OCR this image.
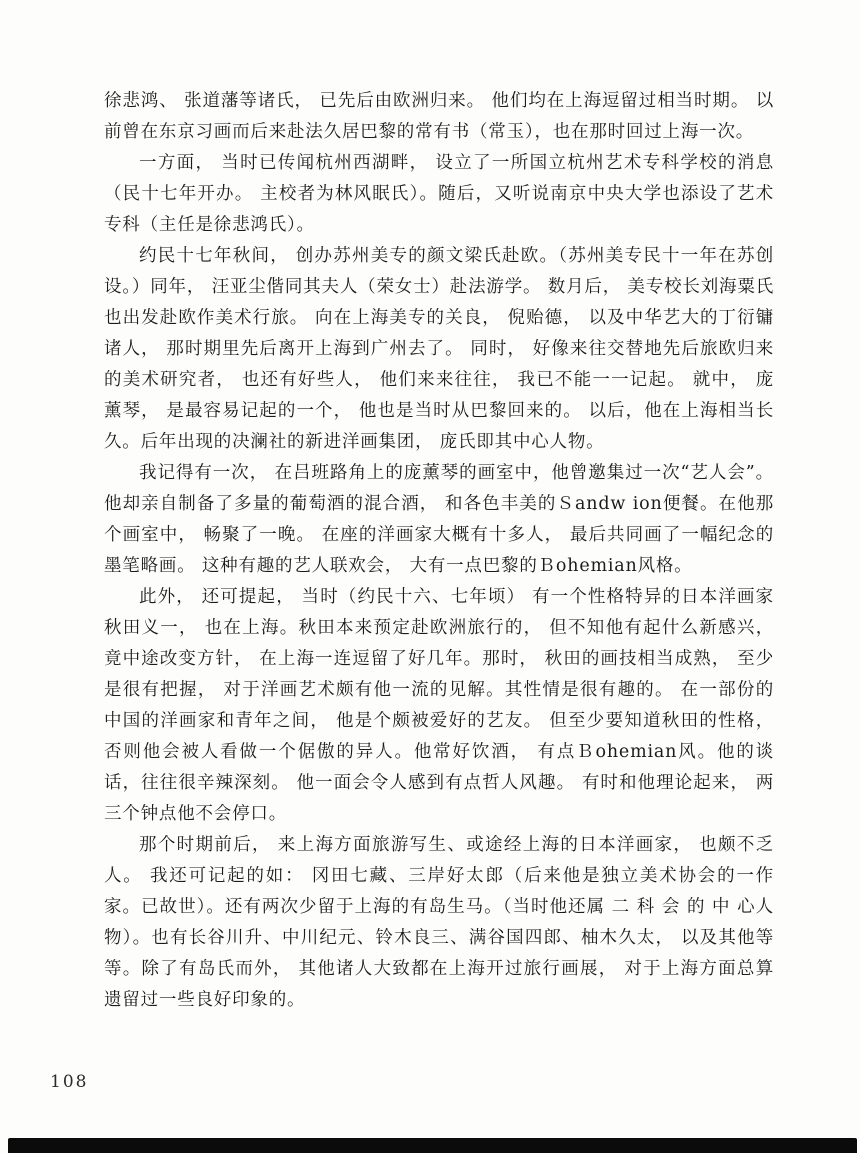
徐悲鸿、 张道藩等诸氏， 已先后由欧洲归来。 他们均在上海逗留过相当时期。 以前曾在东京习画而后来赴法久居巴黎的常有书（常玉），也在那时回过上海一次。

一方面， 当时已传闻杭州西湖畔， 设立了一所国立杭州艺术专科学校的消息（民十七年开办。 主校者为林风眠氏）。随后，又听说南京中央大学也添设了艺术专科（主任是徐悲鸿氏）。

约民十七年秋间， 创办苏州美专的颜文梁氏赴欧。（苏州美专民十一年在苏创设。）同年， 汪亚尘偕同其夫人（荣女士）赴法游学。 数月后， 美专校长刘海粟氏也出发赴欧作美术行旅。 向在上海美专的关良， 倪贻德， 以及中华艺大的丁衍镛诸人， 那时期里先后离开上海到广州去了。 同时， 好像来往交替地先后旅欧归来的美术研究者， 也还有好些人， 他们来来往往， 我已不能一一记起。 就中， 庞薰琴， 是最容易记起的一个， 他也是当时从巴黎回来的。 以后，他在上海相当长久。后年出现的决澜社的新进洋画集团， 庞氏即其中心人物。

我记得有一次， 在吕班路角上的庞薰琴的画室中，他曾邀集过一次“艺人会”。他却亲自制备了多量的葡萄酒的混合酒， 和各色丰美的Ｓandw ion便餐。在他那个画室中， 畅聚了一晚。 在座的洋画家大概有十多人， 最后共同画了一幅纪念的墨笔略画。 这种有趣的艺人联欢会， 大有一点巴黎的Ｂohemian风格。

此外， 还可提起， 当时（约民十六、七年顷） 有一个性格特异的日本洋画家秋田义一， 也在上海。秋田本来预定赴欧洲旅行的， 但不知他有起什么新感兴，竟中途改变方针， 在上海一连逗留了好几年。那时， 秋田的画技相当成熟， 至少是很有把握， 对于洋画艺术颇有他一流的见解。其性情是很有趣的。 在一部份的中国的洋画家和青年之间， 他是个颇被爱好的艺友。 但至少要知道秋田的性格，否则他会被人看做一个倨傲的异人。他常好饮酒， 有点Ｂohemian风。他的谈话，往往很辛辣深刻。 他一面会令人感到有点哲人风趣。 有时和他理论起来， 两三个钟点他不会停口。

那个时期前后， 来上海方面旅游写生、或途经上海的日本洋画家， 也颇不乏人。 我还可记起的如： 冈田七藏、三岸好太郎（后来他是独立美术协会的一作家。已故世）。还有两次少留于上海的有岛生马。（当时他还属 二 科 会 的 中 心人物）。也有长谷川升、中川纪元、铃木良三、满谷国四郎、柚木久太， 以及其他等等。除了有岛氏而外， 其他诸人大致都在上海开过旅行画展， 对于上海方面总算遗留过一些良好印象的。

108
